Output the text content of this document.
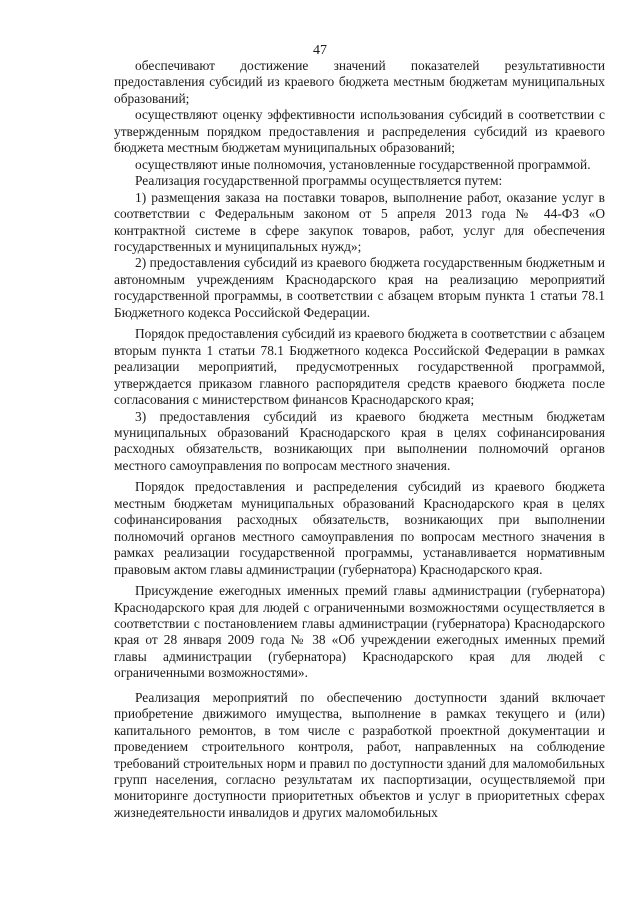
47

обеспечивают достижение значений показателей результативности предоставления субсидий из краевого бюджета местным бюджетам муниципальных образований;

осуществляют оценку эффективности использования субсидий в соответствии с утвержденным порядком предоставления и распределения субсидий из краевого бюджета местным бюджетам муниципальных образований;

осуществляют иные полномочия, установленные государственной программой.

Реализация государственной программы осуществляется путем:

1) размещения заказа на поставки товаров, выполнение работ, оказание услуг в соответствии с Федеральным законом от 5 апреля 2013 года № 44-ФЗ «О контрактной системе в сфере закупок товаров, работ, услуг для обеспечения государственных и муниципальных нужд»;

2) предоставления субсидий из краевого бюджета государственным бюджетным и автономным учреждениям Краснодарского края на реализацию мероприятий государственной программы, в соответствии с абзацем вторым пункта 1 статьи 78.1 Бюджетного кодекса Российской Федерации.

Порядок предоставления субсидий из краевого бюджета в соответствии с абзацем вторым пункта 1 статьи 78.1 Бюджетного кодекса Российской Федерации в рамках реализации мероприятий, предусмотренных государственной программой, утверждается приказом главного распорядителя средств краевого бюджета после согласования с министерством финансов Краснодарского края;

3) предоставления субсидий из краевого бюджета местным бюджетам муниципальных образований Краснодарского края в целях софинансирования расходных обязательств, возникающих при выполнении полномочий органов местного самоуправления по вопросам местного значения.

Порядок предоставления и распределения субсидий из краевого бюджета местным бюджетам муниципальных образований Краснодарского края в целях софинансирования расходных обязательств, возникающих при выполнении полномочий органов местного самоуправления по вопросам местного значения в рамках реализации государственной программы, устанавливается нормативным правовым актом главы администрации (губернатора) Краснодарского края.

Присуждение ежегодных именных премий главы администрации (губернатора) Краснодарского края для людей с ограниченными возможностями осуществляется в соответствии с постановлением главы администрации (губернатора) Краснодарского края от 28 января 2009 года № 38 «Об учреждении ежегодных именных премий главы администрации (губернатора) Краснодарского края для людей с ограниченными возможностями».

Реализация мероприятий по обеспечению доступности зданий включает приобретение движимого имущества, выполнение в рамках текущего и (или) капитального ремонтов, в том числе с разработкой проектной документации и проведением строительного контроля, работ, направленных на соблюдение требований строительных норм и правил по доступности зданий для маломобильных групп населения, согласно результатам их паспортизации, осуществляемой при мониторинге доступности приоритетных объектов и услуг в приоритетных сферах жизнедеятельности инвалидов и других маломобильных
